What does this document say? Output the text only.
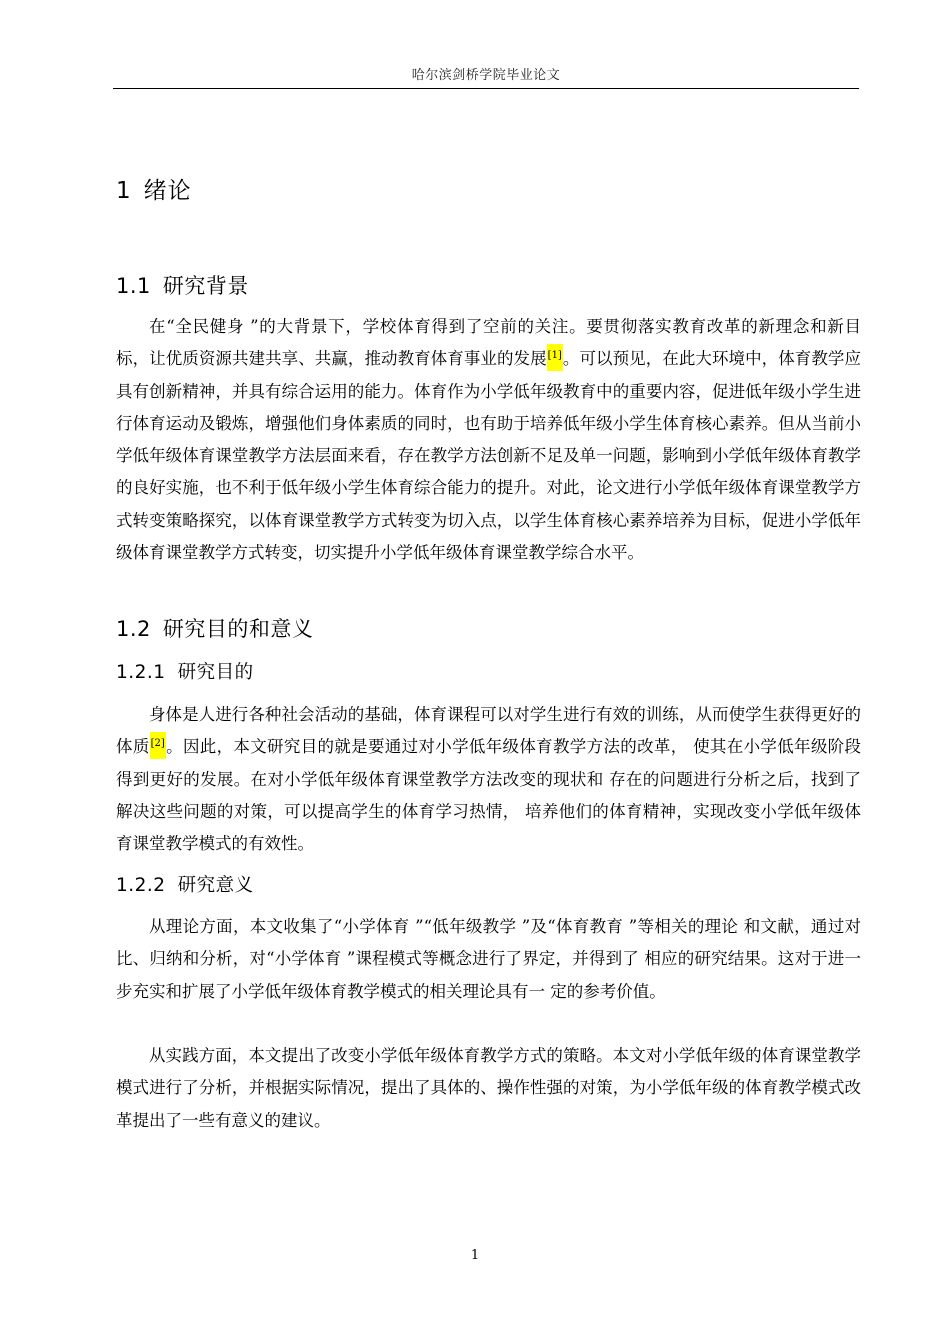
哈尔滨剑桥学院毕业论文
1 绪论
1.1 研究背景

在“全民健身 ”的大背景下，学校体育得到了空前的关注。要贯彻落实教育改革的新理念和新目标，让优质资源共建共享、共赢，推动教育体育事业的发展[1]。可以预见，在此大环境中，体育教学应具有创新精神，并具有综合运用的能力。体育作为小学低年级教育中的重要内容，促进低年级小学生进行体育运动及锻炼，增强他们身体素质的同时，也有助于培养低年级小学生体育核心素养。但从当前小学低年级体育课堂教学方法层面来看，存在教学方法创新不足及单一问题，影响到小学低年级体育教学的良好实施，也不利于低年级小学生体育综合能力的提升。对此，论文进行小学低年级体育课堂教学方式转变策略探究，以体育课堂教学方式转变为切入点，以学生体育核心素养培养为目标，促进小学低年级体育课堂教学方式转变，切实提升小学低年级体育课堂教学综合水平。

1.2 研究目的和意义
1.2.1 研究目的

身体是人进行各种社会活动的基础，体育课程可以对学生进行有效的训练，从而使学生获得更好的体质[2]。因此，本文研究目的就是要通过对小学低年级体育教学方法的改革， 使其在小学低年级阶段得到更好的发展。在对小学低年级体育课堂教学方法改变的现状和 存在的问题进行分析之后，找到了解决这些问题的对策，可以提高学生的体育学习热情， 培养他们的体育精神，实现改变小学低年级体育课堂教学模式的有效性。

1.2.2 研究意义

从理论方面，本文收集了“小学体育 ”“低年级教学 ”及“体育教育 ”等相关的理论 和文献，通过对比、归纳和分析，对“小学体育 ”课程模式等概念进行了界定，并得到了 相应的研究结果。这对于进一步充实和扩展了小学低年级体育教学模式的相关理论具有一 定的参考价值。

从实践方面，本文提出了改变小学低年级体育教学方式的策略。本文对小学低年级的体育课堂教学模式进行了分析，并根据实际情况，提出了具体的、操作性强的对策，为小学低年级的体育教学模式改革提出了一些有意义的建议。

1
